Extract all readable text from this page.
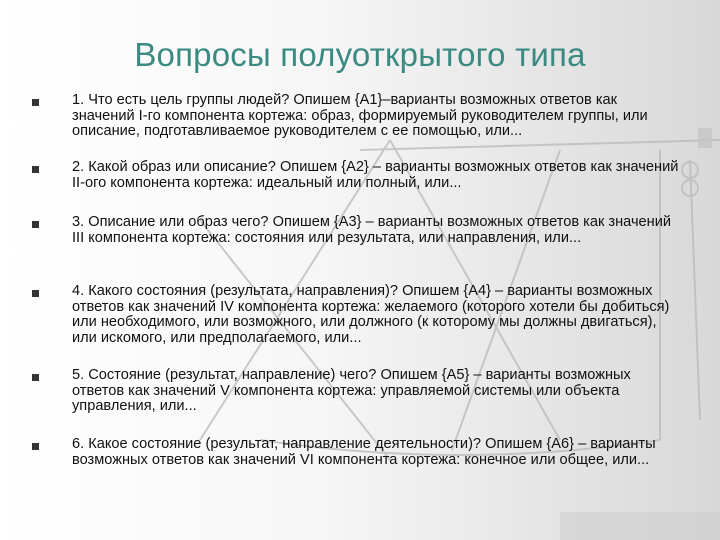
Вопросы полуоткрытого типа
1. Что есть цель группы людей? Опишем {A1}–варианты возможных ответов как значений I-го компонента кортежа: образ, формируемый руководителем группы, или описание, подготавливаемое руководителем с ее помощью, или...
2. Какой образ или описание? Опишем {A2} – варианты возможных ответов как значений II-ого компонента кортежа: идеальный или полный, или...
3. Описание или образ чего? Опишем {A3} – варианты возможных ответов как значений III компонента кортежа: состояния или результата, или направления, или...
4. Какого состояния (результата, направления)? Опишем {A4} – варианты возможных ответов как значений IV компонента кортежа: желаемого (которого хотели бы добиться) или необходимого, или возможного, или должного (к которому мы должны двигаться), или искомого, или предполагаемого, или...
5. Состояние (результат, направление) чего? Опишем {A5} – варианты возможных ответов как значений V компонента кортежа: управляемой системы или объекта управления, или...
6. Какое состояние (результат, направление деятельности)? Опишем {A6} – варианты возможных ответов как значений VI компонента кортежа: конечное или общее, или...
